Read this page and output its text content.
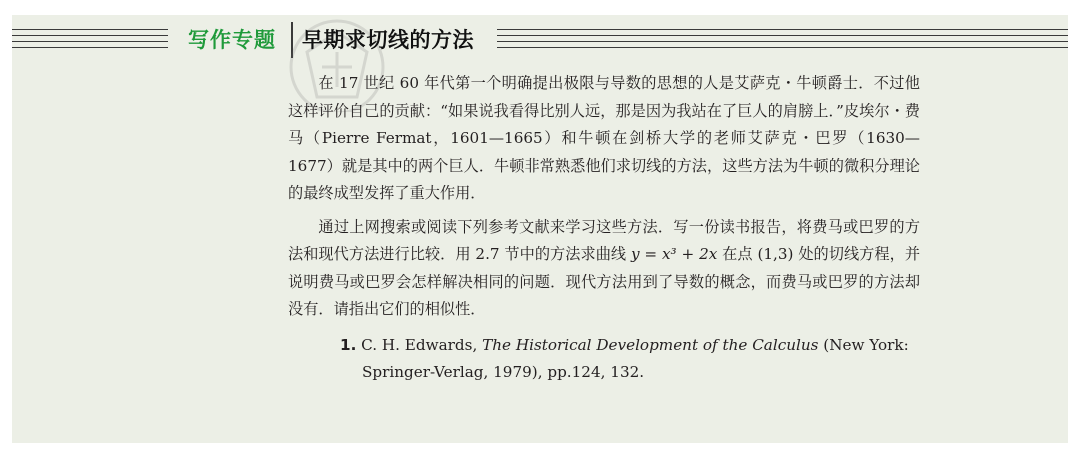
写作专题 早期求切线的方法

在 17 世纪 60 年代第一个明确提出极限与导数的思想的人是艾萨克・牛顿爵士．不过他这样评价自己的贡献：“如果说我看得比别人远，那是因为我站在了巨人的肩膀上．”皮埃尔・费马（Pierre Fermat，1601—1665）和牛顿在剑桥大学的老师艾萨克・巴罗（1630—1677）就是其中的两个巨人．牛顿非常熟悉他们求切线的方法，这些方法为牛顿的微积分理论的最终成型发挥了重大作用．

通过上网搜索或阅读下列参考文献来学习这些方法．写一份读书报告，将费马或巴罗的方法和现代方法进行比较．用 2.7 节中的方法求曲线 y = x³ + 2x 在点 (1,3) 处的切线方程，并说明费马或巴罗会怎样解决相同的问题．现代方法用到了导数的概念，而费马或巴罗的方法却没有．请指出它们的相似性．

1. C. H. Edwards, The Historical Development of the Calculus (New York: Springer-Verlag, 1979), pp.124, 132.
